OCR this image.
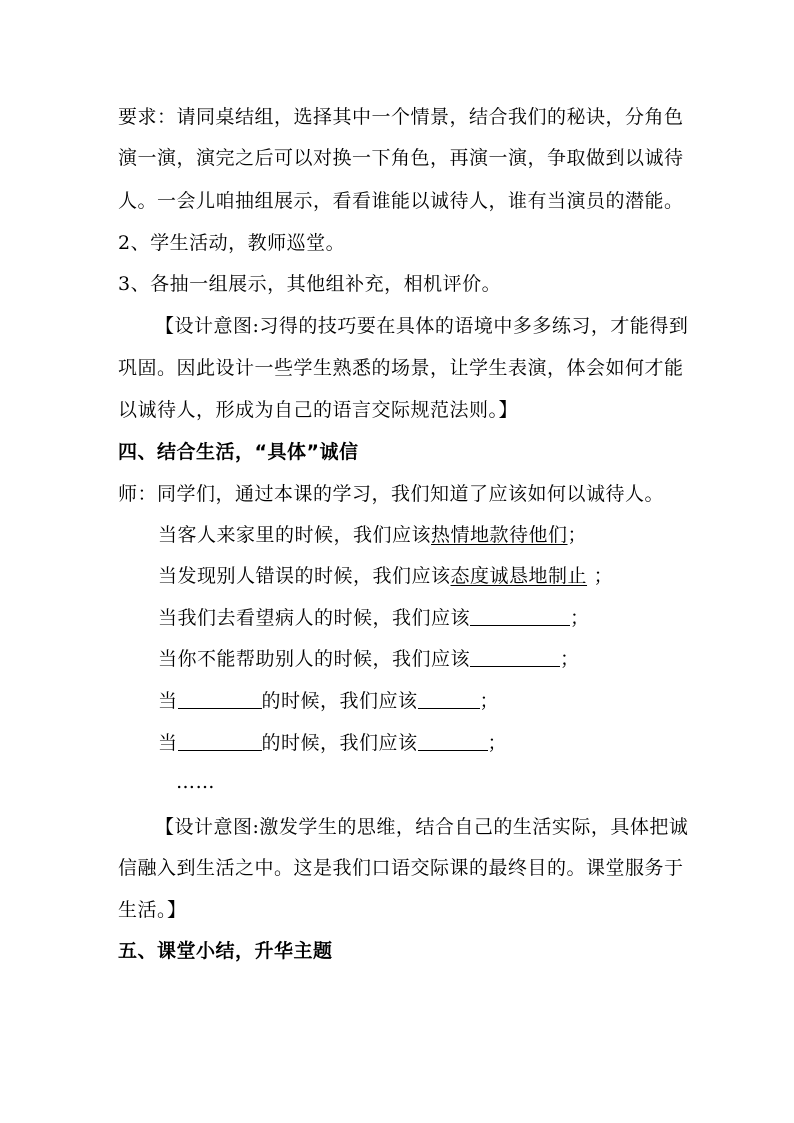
要求：请同桌结组，选择其中一个情景，结合我们的秘诀，分角色
演一演，演完之后可以对换一下角色，再演一演，争取做到以诚待
人。一会儿咱抽组展示，看看谁能以诚待人，谁有当演员的潜能。
2、学生活动，教师巡堂。
3、各抽一组展示，其他组补充，相机评价。
【设计意图:习得的技巧要在具体的语境中多多练习，才能得到
巩固。因此设计一些学生熟悉的场景，让学生表演，体会如何才能
以诚待人，形成为自己的语言交际规范法则。】
四、结合生活，“具体”诚信
师：同学们，通过本课的学习，我们知道了应该如何以诚待人。
当客人来家里的时候，我们应该热情地款待他们；
当发现别人错误的时候，我们应该态度诚恳地制止 ；
当我们去看望病人的时候，我们应该	；
当你不能帮助别人的时候，我们应该	；
当	的时候，我们应该	；
当	的时候，我们应该	；
……
【设计意图:激发学生的思维，结合自己的生活实际，具体把诚
信融入到生活之中。这是我们口语交际课的最终目的。课堂服务于
生活。】
五、课堂小结，升华主题
